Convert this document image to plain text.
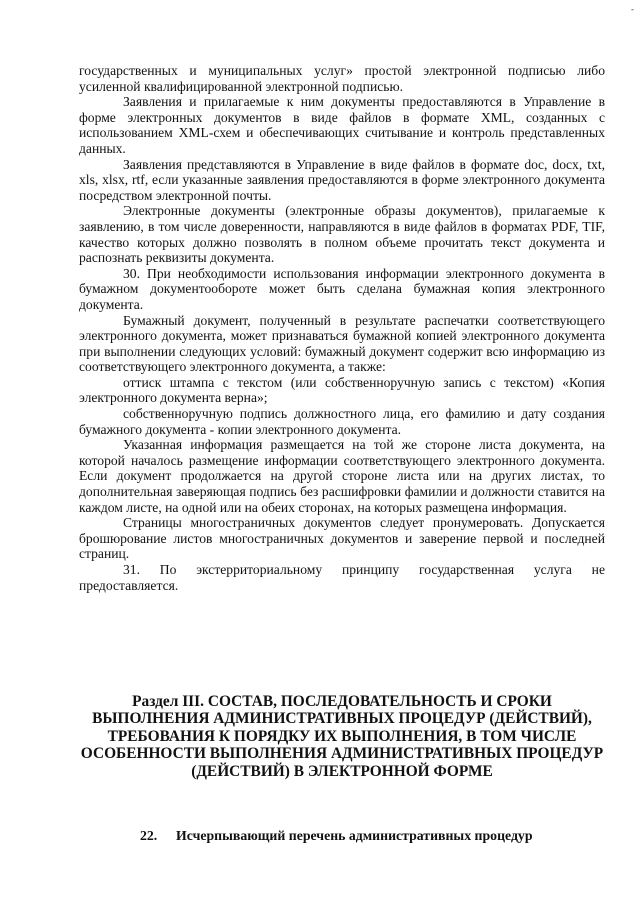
-

государственных и муниципальных услуг» простой электронной подписью либо усиленной квалифицированной электронной подписью.

Заявления и прилагаемые к ним документы предоставляются в Управление в форме электронных документов в виде файлов в формате XML, созданных с использованием XML-схем и обеспечивающих считывание и контроль представленных данных.

Заявления представляются в Управление в виде файлов в формате doc, docx, txt, xls, xlsx, rtf, если указанные заявления предоставляются в форме электронного документа посредством электронной почты.

Электронные документы (электронные образы документов), прилагаемые к заявлению, в том числе доверенности, направляются в виде файлов в форматах PDF, TIF, качество которых должно позволять в полном объеме прочитать текст документа и распознать реквизиты документа.

30. При необходимости использования информации электронного документа в бумажном документообороте может быть сделана бумажная копия электронного документа.

Бумажный документ, полученный в результате распечатки соответствующего электронного документа, может признаваться бумажной копией электронного документа при выполнении следующих условий: бумажный документ содержит всю информацию из соответствующего электронного документа, а также:

оттиск штампа с текстом (или собственноручную запись с текстом) «Копия электронного документа верна»;

собственноручную подпись должностного лица, его фамилию и дату создания бумажного документа - копии электронного документа.

Указанная информация размещается на той же стороне листа документа, на которой началось размещение информации соответствующего электронного документа. Если документ продолжается на другой стороне листа или на других листах, то дополнительная заверяющая подпись без расшифровки фамилии и должности ставится на каждом листе, на одной или на обеих сторонах, на которых размещена информация.

Страницы многостраничных документов следует пронумеровать. Допускается брошюрование листов многостраничных документов и заверение первой и последней страниц.

31. По экстерриториальному принципу государственная услуга не предоставляется.

Раздел III. СОСТАВ, ПОСЛЕДОВАТЕЛЬНОСТЬ И СРОКИ ВЫПОЛНЕНИЯ АДМИНИСТРАТИВНЫХ ПРОЦЕДУР (ДЕЙСТВИЙ), ТРЕБОВАНИЯ К ПОРЯДКУ ИХ ВЫПОЛНЕНИЯ, В ТОМ ЧИСЛЕ ОСОБЕННОСТИ ВЫПОЛНЕНИЯ АДМИНИСТРАТИВНЫХ ПРОЦЕДУР (ДЕЙСТВИЙ) В ЭЛЕКТРОННОЙ ФОРМЕ
22. Исчерпывающий перечень административных процедур
